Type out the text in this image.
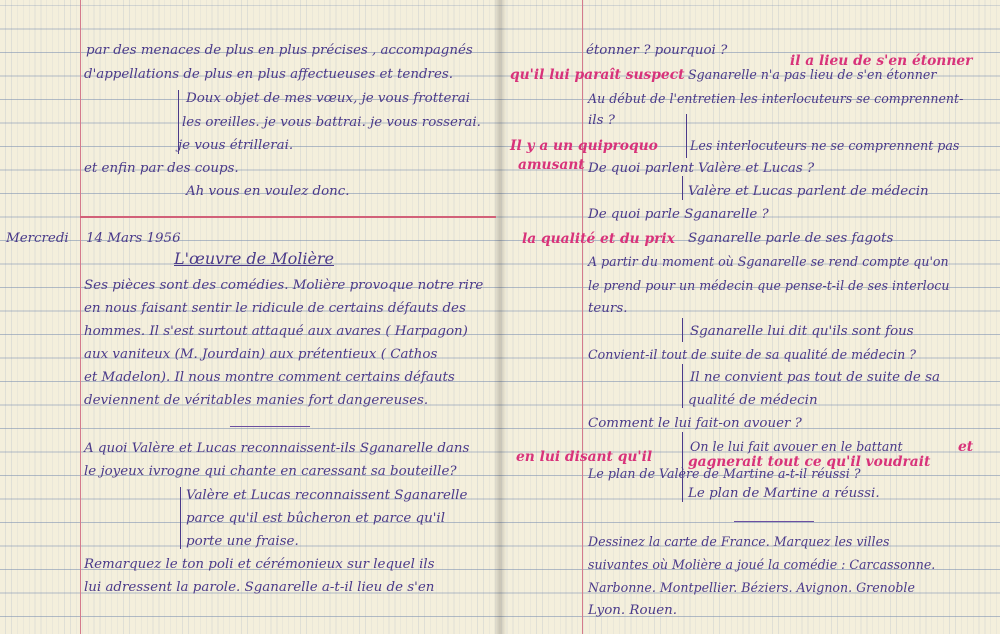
par des menaces de plus en plus précises , accompagnés
d'appellations de plus en plus affectueuses et tendres.
Doux objet de mes vœux, je vous frotterai
les oreilles. je vous battrai. je vous rosserai.
je vous étrillerai.
et enfin par des coups.
Ah vous en voulez donc.
Mercredi 14 Mars 1956
L'œuvre de Molière
Ses pièces sont des comédies. Molière provoque notre rire
en nous faisant sentir le ridicule de certains défauts des
hommes. Il s'est surtout attaqué aux avares ( Harpagon)
aux vaniteux (M. Jourdain) aux prétentieux ( Cathos
et Madelon). Il nous montre comment certains défauts
deviennent de véritables manies fort dangereuses.
A quoi Valère et Lucas reconnaissent-ils Sganarelle dans
le joyeux ivrogne qui chante en caressant sa bouteille?
Valère et Lucas reconnaissent Sganarelle
parce qu'il est bûcheron et parce qu'il
porte une fraise.
Remarquez le ton poli et cérémonieux sur lequel ils
lui adressent la parole. Sganarelle a-t-il lieu de s'en
étonner ? pourquoi ?
il a lieu de s'en étonner
qu'il lui paraît suspect Sganarelle n'a pas lieu de s'en étonner
Au début de l'entretien les interlocuteurs se comprennent-
ils ?
Il y a un quiproquo	Les interlocuteurs ne se comprennent pas
amusant De quoi parlent Valère et Lucas ?
Valère et Lucas parlent de médecin
De quoi parle Sganarelle ?
la qualité et du prix Sganarelle parle de ses fagots
A partir du moment où Sganarelle se rend compte qu'on
le prend pour un médecin que pense-t-il de ses interlocu
teurs.
Sganarelle lui dit qu'ils sont fous
Convient-il tout de suite de sa qualité de médecin ?
Il ne convient pas tout de suite de sa
qualité de médecin
Comment le lui fait-on avouer ?
On le lui fait avouer en le battant	et
en lui disant qu'il	gagnerait tout ce qu'il voudrait
Le plan de Valère de Martine a-t-il réussi ?
Le plan de Martine a réussi.
Dessinez la carte de France. Marquez les villes
suivantes où Molière a joué la comédie : Carcassonne.
Narbonne. Montpellier. Béziers. Avignon. Grenoble
Lyon. Rouen.
